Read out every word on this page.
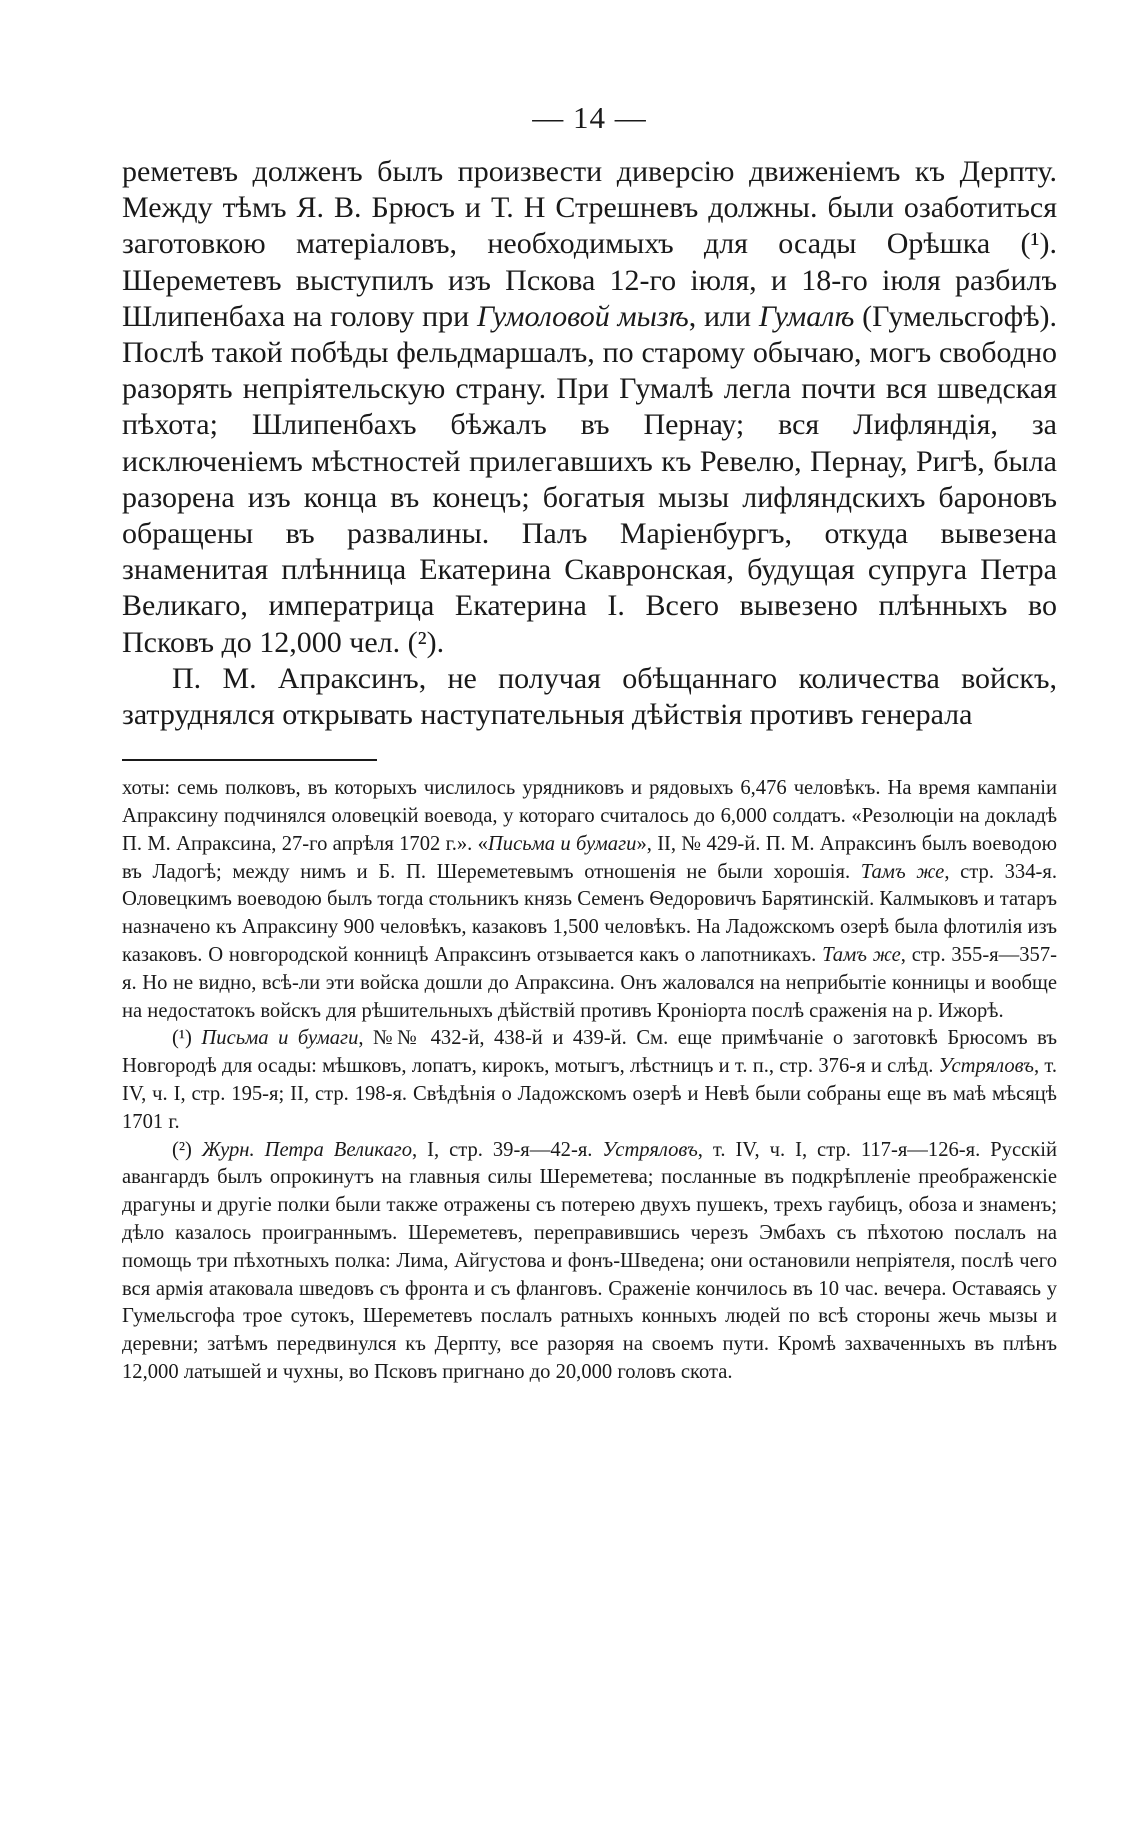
— 14 —

реметевъ долженъ былъ произвести диверсію движеніемъ къ Дерпту. Между тѣмъ Я. В. Брюсъ и Т. Н Стрешневъ должны. были озаботиться заготовкою матеріаловъ, необходимыхъ для осады Орѣшка (¹). Шереметевъ выступилъ изъ Пскова 12-го іюля, и 18-го іюля разбилъ Шлипенбаха на голову при Гумоловой мызѣ, или Гумалѣ (Гумельсгофѣ). Послѣ такой побѣды фельдмаршалъ, по старому обычаю, могъ свободно разорять непріятельскую страну. При Гумалѣ легла почти вся шведская пѣхота; Шлипенбахъ бѣжалъ въ Пернау; вся Лифляндія, за исключеніемъ мѣстностей прилегавшихъ къ Ревелю, Пернау, Ригѣ, была разорена изъ конца въ конецъ; богатыя мызы лифляндскихъ бароновъ обращены въ развалины. Палъ Маріенбургъ, откуда вывезена знаменитая плѣнница Екатерина Скавронская, будущая супруга Петра Великаго, императрица Екатерина I. Всего вывезено плѣнныхъ во Псковъ до 12,000 чел. (²).

П. М. Апраксинъ, не получая обѣщаннаго количества войскъ, затруднялся открывать наступательныя дѣйствія противъ генерала

хоты: семь полковъ, въ которыхъ числилось урядниковъ и рядовыхъ 6,476 человѣкъ. На время кампаніи Апраксину подчинялся оловецкій воевода, у котораго считалось до 6,000 солдатъ. «Резолюціи на докладѣ П. М. Апраксина, 27-го апрѣля 1702 г.». «Письма и бумаги», II, № 429-й. П. М. Апраксинъ былъ воеводою въ Ладогѣ; между нимъ и Б. П. Шереметевымъ отношенія не были хорошія. Тамъ же, стр. 334-я. Оловецкимъ воеводою былъ тогда стольникъ князь Семенъ Ѳедоровичъ Барятинскій. Калмыковъ и татаръ назначено къ Апраксину 900 человѣкъ, казаковъ 1,500 человѣкъ. На Ладожскомъ озерѣ была флотилія изъ казаковъ. О новгородской конницѣ Апраксинъ отзывается какъ о лапотникахъ. Тамъ же, стр. 355-я—357-я. Но не видно, всѣ-ли эти войска дошли до Апраксина. Онъ жаловался на неприбытіе конницы и вообще на недостатокъ войскъ для рѣшительныхъ дѣйствій противъ Кроніорта послѣ сраженія на р. Ижорѣ.

(¹) Письма и бумаги, №№ 432-й, 438-й и 439-й. См. еще примѣчаніе о заготовкѣ Брюсомъ въ Новгородѣ для осады: мѣшковъ, лопатъ, кирокъ, мотыгъ, лѣстницъ и т. п., стр. 376-я и слѣд. Устряловъ, т. IV, ч. I, стр. 195-я; II, стр. 198-я. Свѣдѣнія о Ладожскомъ озерѣ и Невѣ были собраны еще въ маѣ мѣсяцѣ 1701 г.

(²) Журн. Петра Великаго, I, стр. 39-я—42-я. Устряловъ, т. IV, ч. I, стр. 117-я—126-я. Русскій авангардъ былъ опрокинутъ на главныя силы Шереметева; посланные въ подкрѣпленіе преображенскіе драгуны и другіе полки были также отражены съ потерею двухъ пушекъ, трехъ гаубицъ, обоза и знаменъ; дѣло казалось проиграннымъ. Шереметевъ, переправившись черезъ Эмбахъ съ пѣхотою послалъ на помощь три пѣхотныхъ полка: Лима, Айгустова и фонъ-Шведена; они остановили непріятеля, послѣ чего вся армія атаковала шведовъ съ фронта и съ фланговъ. Сраженіе кончилось въ 10 час. вечера. Оставаясь у Гумельсгофа трое сутокъ, Шереметевъ послалъ ратныхъ конныхъ людей по всѣ стороны жечь мызы и деревни; затѣмъ передвинулся къ Дерпту, все разоряя на своемъ пути. Кромѣ захваченныхъ въ плѣнъ 12,000 латышей и чухны, во Псковъ пригнано до 20,000 головъ скота.
